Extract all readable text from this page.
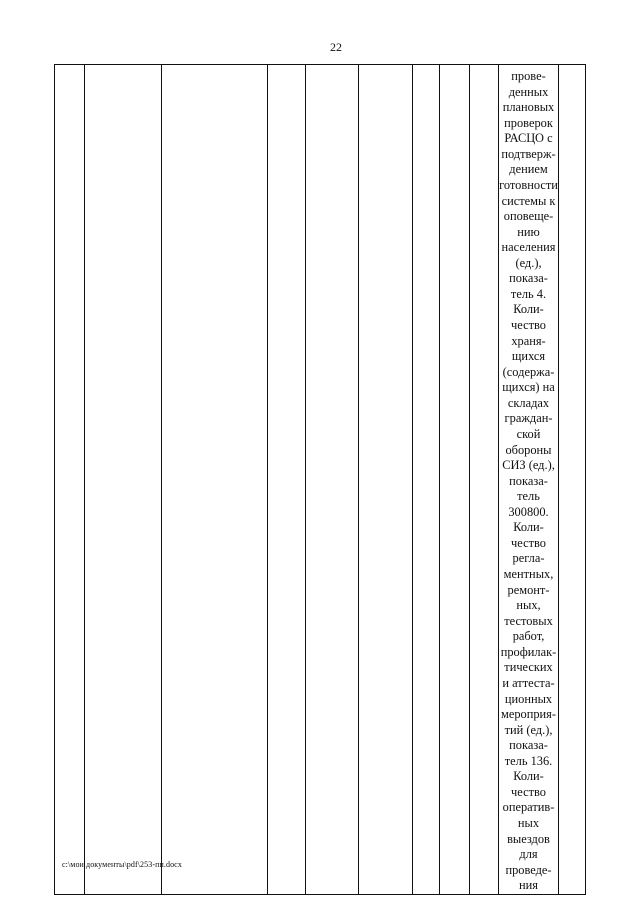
22

прове-
денных
плановых
проверок
РАСЦО с
подтверж-
дением
готовности
системы к
оповеще-
нию
населения
(ед.),
показа-
тель 4.
Коли-
чество
храня-
щихся
(содержа-
щихся) на
складах
граждан-
ской
обороны
СИЗ (ед.),
показа-
тель
300800.
Коли-
чество
регла-
ментных,
ремонт-
ных,
тестовых
работ,
профилак-
тических
и аттеста-
ционных
мероприя-
тий (ед.),
показа-
тель 136.
Коли-
чество
оператив-
ных
выездов
для
проведе-
ния

c:\мои документы\pdf\253-пп.docx
